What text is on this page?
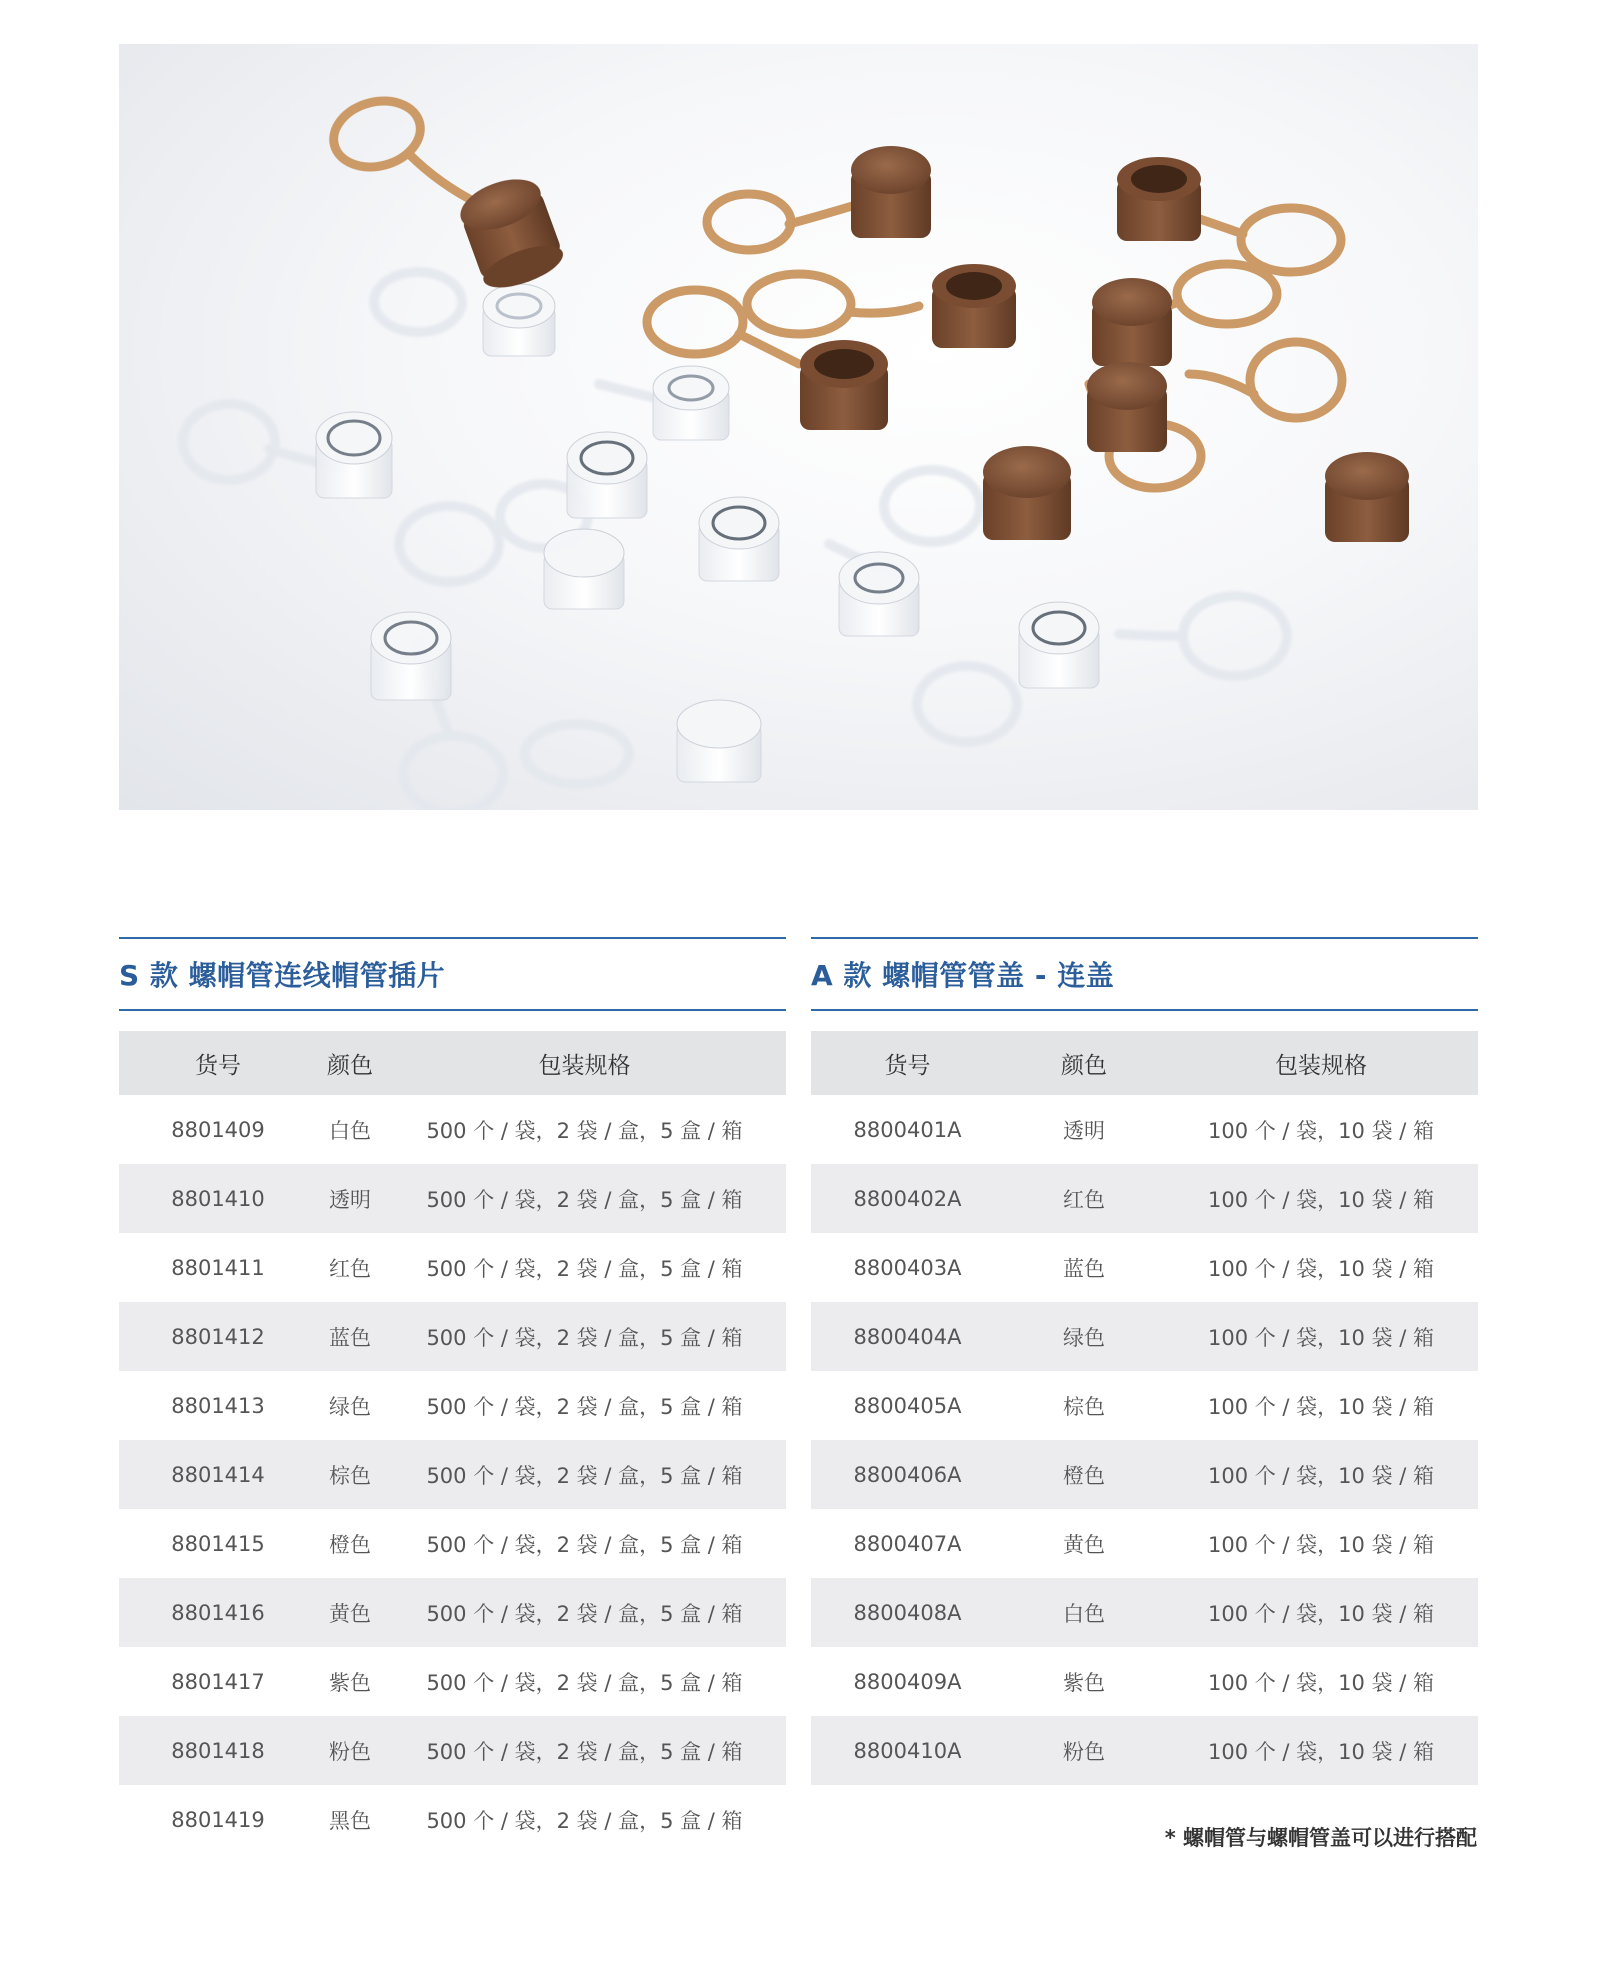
S 款 螺帽管连线帽管插片
货号	颜色	包装规格
8801409	白色	500 个 / 袋，2 袋 / 盒，5 盒 / 箱
8801410	透明	500 个 / 袋，2 袋 / 盒，5 盒 / 箱
8801411	红色	500 个 / 袋，2 袋 / 盒，5 盒 / 箱
8801412	蓝色	500 个 / 袋，2 袋 / 盒，5 盒 / 箱
8801413	绿色	500 个 / 袋，2 袋 / 盒，5 盒 / 箱
8801414	棕色	500 个 / 袋，2 袋 / 盒，5 盒 / 箱
8801415	橙色	500 个 / 袋，2 袋 / 盒，5 盒 / 箱
8801416	黄色	500 个 / 袋，2 袋 / 盒，5 盒 / 箱
8801417	紫色	500 个 / 袋，2 袋 / 盒，5 盒 / 箱
8801418	粉色	500 个 / 袋，2 袋 / 盒，5 盒 / 箱
8801419	黑色	500 个 / 袋，2 袋 / 盒，5 盒 / 箱
A 款 螺帽管管盖 - 连盖
货号	颜色	包装规格
8800401A	透明	100 个 / 袋，10 袋 / 箱
8800402A	红色	100 个 / 袋，10 袋 / 箱
8800403A	蓝色	100 个 / 袋，10 袋 / 箱
8800404A	绿色	100 个 / 袋，10 袋 / 箱
8800405A	棕色	100 个 / 袋，10 袋 / 箱
8800406A	橙色	100 个 / 袋，10 袋 / 箱
8800407A	黄色	100 个 / 袋，10 袋 / 箱
8800408A	白色	100 个 / 袋，10 袋 / 箱
8800409A	紫色	100 个 / 袋，10 袋 / 箱
8800410A	粉色	100 个 / 袋，10 袋 / 箱
* 螺帽管与螺帽管盖可以进行搭配
